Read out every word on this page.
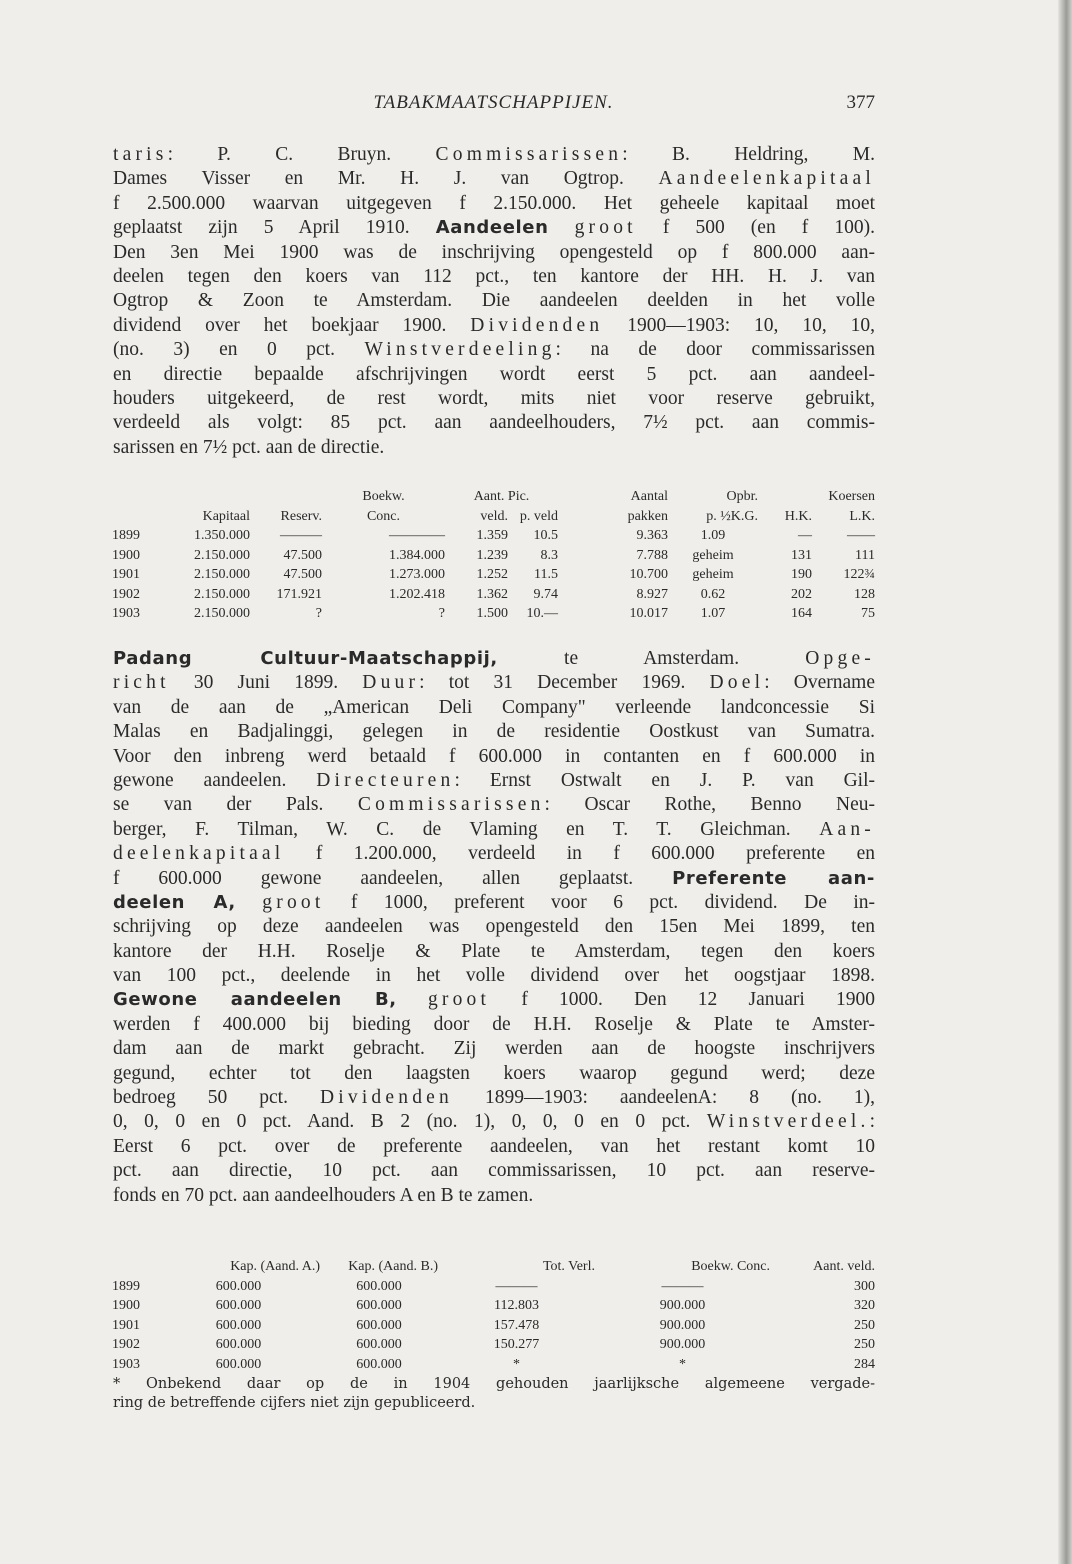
TABAKMAATSCHAPPIJEN.	377
taris: P. C. Bruyn. Commissarissen: B. Heldring, M.
Dames Visser en Mr. H. J. van Ogtrop. Aandeelenkapitaal
f 2.500.000 waarvan uitgegeven f 2.150.000. Het geheele kapitaal moet
geplaatst zijn 5 April 1910. Aandeelen groot f 500 (en f 100).
Den 3en Mei 1900 was de inschrijving opengesteld op f 800.000 aan-
deelen tegen den koers van 112 pct., ten kantore der HH. H. J. van
Ogtrop & Zoon te Amsterdam. Die aandeelen deelden in het volle
dividend over het boekjaar 1900. Dividenden 1900—1903: 10, 10, 10,
(no. 3) en 0 pct. Winstverdeeling: na de door commissarissen
en directie bepaalde afschrijvingen wordt eerst 5 pct. aan aandeel-
houders uitgekeerd, de rest wordt, mits niet voor reserve gebruikt,
verdeeld als volgt: 85 pct. aan aandeelhouders, 7½ pct. aan commis-
sarissen en 7½ pct. aan de directie.
			Boekw.	Aant. Pic.		Aantal	Opbr.	Koersen	
	Kapitaal	Reserv.	Conc.	veld.	p. veld	pakken	p. ½K.G.	H.K.	L.K.
1899	1.350.000	———	————	1.359	10.5	9.363	1.09	—	——
1900	2.150.000	47.500	1.384.000	1.239	8.3	7.788	geheim	131	111
1901	2.150.000	47.500	1.273.000	1.252	11.5	10.700	geheim	190	122¾
1902	2.150.000	171.921	1.202.418	1.362	9.74	8.927	0.62	202	128
1903	2.150.000	?	?	1.500	10.—	10.017	1.07	164	75
Padang Cultuur-Maatschappij, te Amsterdam. Opge-
richt 30 Juni 1899. Duur: tot 31 December 1969. Doel: Overname
van de aan de „American Deli Company" verleende landconcessie Si
Malas en Badjalinggi, gelegen in de residentie Oostkust van Sumatra.
Voor den inbreng werd betaald f 600.000 in contanten en f 600.000 in
gewone aandeelen. Directeuren: Ernst Ostwalt en J. P. van Gil-
se van der Pals. Commissarissen: Oscar Rothe, Benno Neu-
berger, F. Tilman, W. C. de Vlaming en T. T. Gleichman. Aan-
deelenkapitaal f 1.200.000, verdeeld in f 600.000 preferente en
f 600.000 gewone aandeelen, allen geplaatst. Preferente aan-
deelen A, groot f 1000, preferent voor 6 pct. dividend. De in-
schrijving op deze aandeelen was opengesteld den 15en Mei 1899, ten
kantore der H.H. Roselje & Plate te Amsterdam, tegen den koers
van 100 pct., deelende in het volle dividend over het oogstjaar 1898.
Gewone aandeelen B, groot f 1000. Den 12 Januari 1900
werden f 400.000 bij bieding door de H.H. Roselje & Plate te Amster-
dam aan de markt gebracht. Zij werden aan de hoogste inschrijvers
gegund, echter tot den laagsten koers waarop gegund werd; deze
bedroeg 50 pct. Dividenden 1899—1903: aandeelenA: 8 (no. 1),
0, 0, 0 en 0 pct. Aand. B 2 (no. 1), 0, 0, 0 en 0 pct. Winstverdeel.:
Eerst 6 pct. over de preferente aandeelen, van het restant komt 10
pct. aan directie, 10 pct. aan commissarissen, 10 pct. aan reserve-
fonds en 70 pct. aan aandeelhouders A en B te zamen.
	Kap. (Aand. A.)	Kap. (Aand. B.)	Tot. Verl.	Boekw. Conc.	Aant. veld.
1899	600.000	600.000	———	———	300
1900	600.000	600.000	112.803	900.000	320
1901	600.000	600.000	157.478	900.000	250
1902	600.000	600.000	150.277	900.000	250
1903	600.000	600.000	*	*	284
* Onbekend daar op de in 1904 gehouden jaarlijksche algemeene vergade-
ring de betreffende cijfers niet zijn gepubliceerd.
